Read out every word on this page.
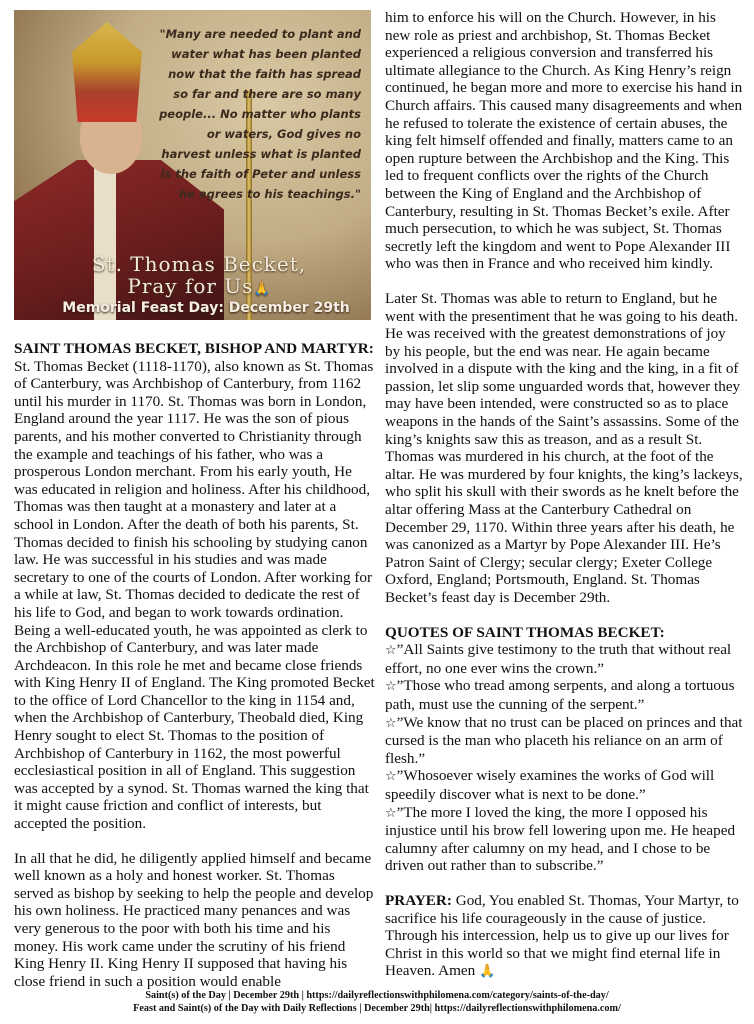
"Many are needed to plant and water what has been planted now that the faith has spread so far and there are so many people... No matter who plants or waters, God gives no harvest unless what is planted is the faith of Peter and unless he agrees to his teachings."
St. Thomas Becket,
Pray for Us🙏
Memorial Feast Day: December 29th

SAINT THOMAS BECKET, BISHOP AND MARTYR: St. Thomas Becket (1118-1170), also known as St. Thomas of Canterbury, was Archbishop of Canterbury, from 1162 until his murder in 1170. St. Thomas was born in London, England around the year 1117. He was the son of pious parents, and his mother converted to Christianity through the example and teachings of his father, who was a prosperous London merchant. From his early youth, He was educated in religion and holiness. After his childhood, Thomas was then taught at a monastery and later at a school in London. After the death of both his parents, St. Thomas decided to finish his schooling by studying canon law. He was successful in his studies and was made secretary to one of the courts of London. After working for a while at law, St. Thomas decided to dedicate the rest of his life to God, and began to work towards ordination. Being a well-educated youth, he was appointed as clerk to the Archbishop of Canterbury, and was later made Archdeacon. In this role he met and became close friends with King Henry II of England. The King promoted Becket to the office of Lord Chancellor to the king in 1154 and, when the Archbishop of Canterbury, Theobald died, King Henry sought to elect St. Thomas to the position of Archbishop of Canterbury in 1162, the most powerful ecclesiastical position in all of England. This suggestion was accepted by a synod. St. Thomas warned the king that it might cause friction and conflict of interests, but accepted the position.

In all that he did, he diligently applied himself and became well known as a holy and honest worker. St. Thomas served as bishop by seeking to help the people and develop his own holiness. He practiced many penances and was very generous to the poor with both his time and his money. His work came under the scrutiny of his friend King Henry II. King Henry II supposed that having his close friend in such a position would enable

him to enforce his will on the Church. However, in his new role as priest and archbishop, St. Thomas Becket experienced a religious conversion and transferred his ultimate allegiance to the Church. As King Henry’s reign continued, he began more and more to exercise his hand in Church affairs. This caused many disagreements and when he refused to tolerate the existence of certain abuses, the king felt himself offended and finally, matters came to an open rupture between the Archbishop and the King. This led to frequent conflicts over the rights of the Church between the King of England and the Archbishop of Canterbury, resulting in St. Thomas Becket’s exile. After much persecution, to which he was subject, St. Thomas secretly left the kingdom and went to Pope Alexander III who was then in France and who received him kindly.

Later St. Thomas was able to return to England, but he went with the presentiment that he was going to his death. He was received with the greatest demonstrations of joy by his people, but the end was near. He again became involved in a dispute with the king and the king, in a fit of passion, let slip some unguarded words that, however they may have been intended, were constructed so as to place weapons in the hands of the Saint’s assassins. Some of the king’s knights saw this as treason, and as a result St. Thomas was murdered in his church, at the foot of the altar. He was murdered by four knights, the king’s lackeys, who split his skull with their swords as he knelt before the altar offering Mass at the Canterbury Cathedral on December 29, 1170. Within three years after his death, he was canonized as a Martyr by Pope Alexander III. He’s Patron Saint of Clergy; secular clergy; Exeter College Oxford, England; Portsmouth, England. St. Thomas Becket’s feast day is December 29th.

QUOTES OF SAINT THOMAS BECKET:

☆”All Saints give testimony to the truth that without real effort, no one ever wins the crown.”

☆”Those who tread among serpents, and along a tortuous path, must use the cunning of the serpent.”

☆”We know that no trust can be placed on princes and that cursed is the man who placeth his reliance on an arm of flesh.”

☆”Whosoever wisely examines the works of God will speedily discover what is next to be done.”

☆”The more I loved the king, the more I opposed his injustice until his brow fell lowering upon me. He heaped calumny after calumny on my head, and I chose to be driven out rather than to subscribe.”

PRAYER: God, You enabled St. Thomas, Your Martyr, to sacrifice his life courageously in the cause of justice. Through his intercession, help us to give up our lives for Christ in this world so that we might find eternal life in Heaven. Amen 🙏

Saint(s) of the Day | December 29th | https://dailyreflectionswithphilomena.com/category/saints-of-the-day/
Feast and Saint(s) of the Day with Daily Reflections | December 29th| https://dailyreflectionswithphilomena.com/
